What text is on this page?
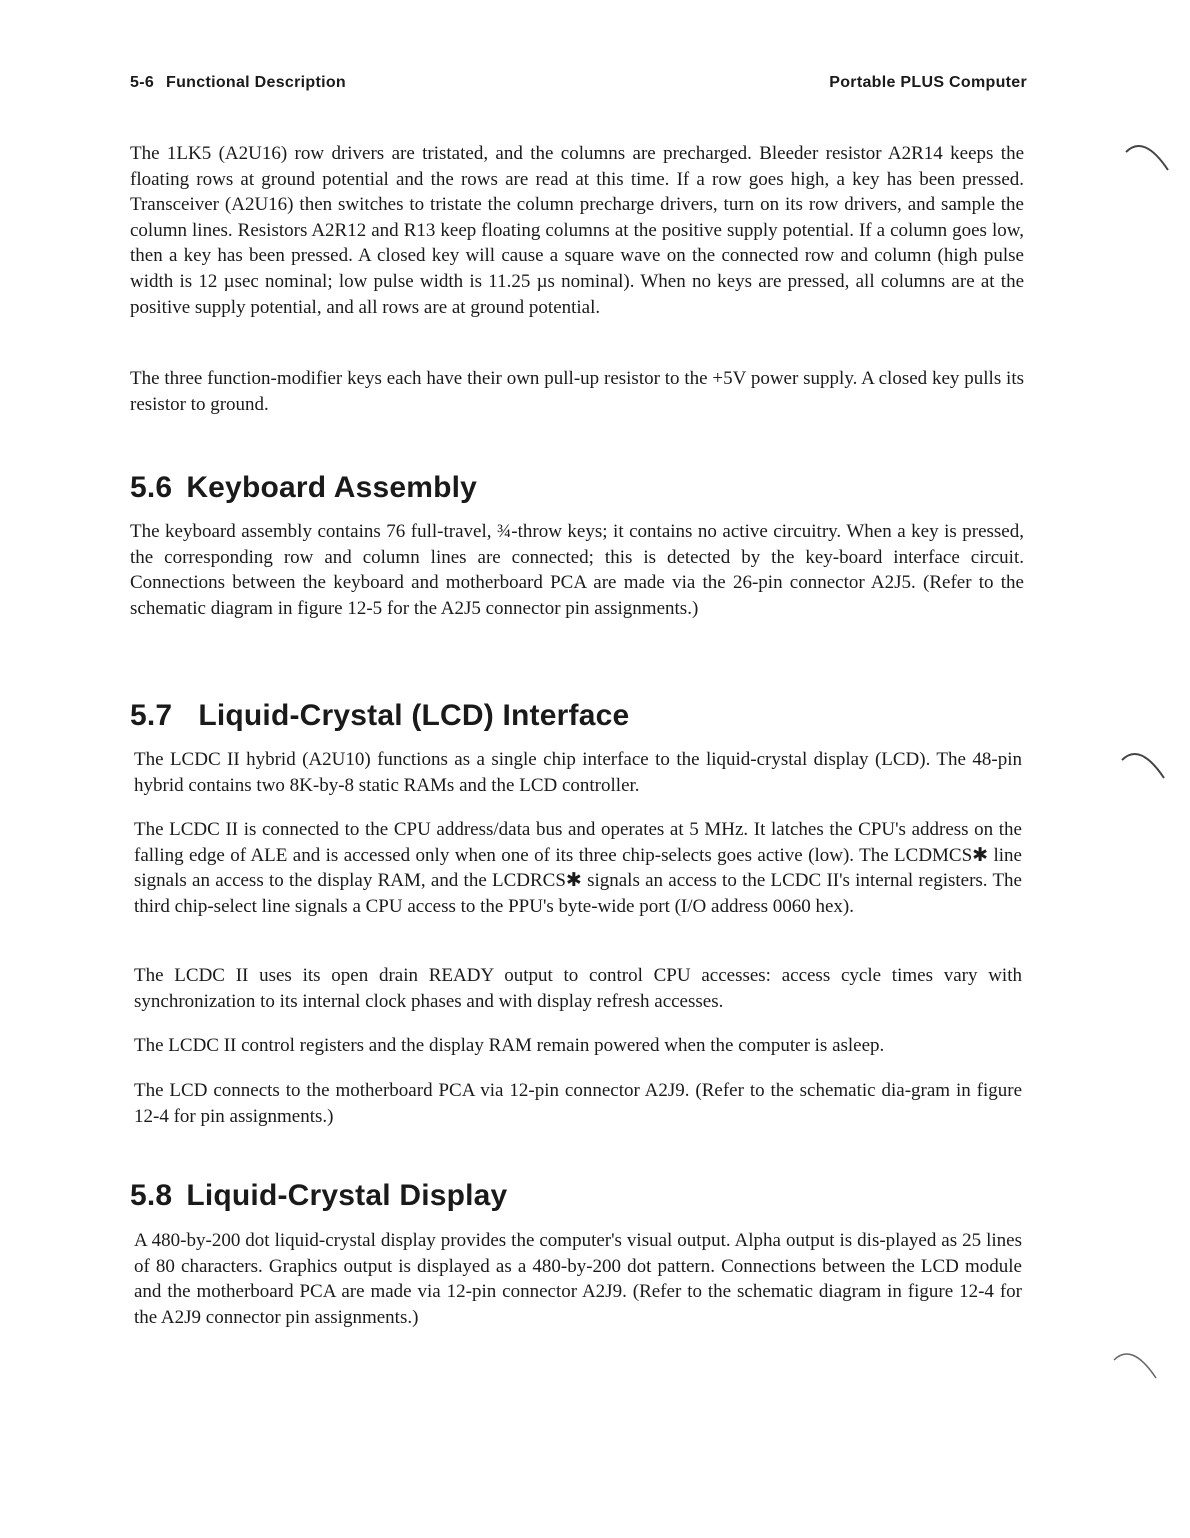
5-6 Functional Description	Portable PLUS Computer

The 1LK5 (A2U16) row drivers are tristated, and the columns are precharged. Bleeder resistor A2R14 keeps the floating rows at ground potential and the rows are read at this time. If a row goes high, a key has been pressed. Transceiver (A2U16) then switches to tristate the column precharge drivers, turn on its row drivers, and sample the column lines. Resistors A2R12 and R13 keep floating columns at the positive supply potential. If a column goes low, then a key has been pressed. A closed key will cause a square wave on the connected row and column (high pulse width is 12 µsec nominal; low pulse width is 11.25 µs nominal). When no keys are pressed, all columns are at the positive supply potential, and all rows are at ground potential.

The three function-modifier keys each have their own pull-up resistor to the +5V power supply. A closed key pulls its resistor to ground.

5.6 Keyboard Assembly

The keyboard assembly contains 76 full-travel, ¾-throw keys; it contains no active circuitry. When a key is pressed, the corresponding row and column lines are connected; this is detected by the key-board interface circuit. Connections between the keyboard and motherboard PCA are made via the 26-pin connector A2J5. (Refer to the schematic diagram in figure 12-5 for the A2J5 connector pin assignments.)

5.7 Liquid-Crystal (LCD) Interface

The LCDC II hybrid (A2U10) functions as a single chip interface to the liquid-crystal display (LCD). The 48-pin hybrid contains two 8K-by-8 static RAMs and the LCD controller.

The LCDC II is connected to the CPU address/data bus and operates at 5 MHz. It latches the CPU's address on the falling edge of ALE and is accessed only when one of its three chip-selects goes active (low). The LCDMCS✱ line signals an access to the display RAM, and the LCDRCS✱ signals an access to the LCDC II's internal registers. The third chip-select line signals a CPU access to the PPU's byte-wide port (I/O address 0060 hex).

The LCDC II uses its open drain READY output to control CPU accesses: access cycle times vary with synchronization to its internal clock phases and with display refresh accesses.

The LCDC II control registers and the display RAM remain powered when the computer is asleep.

The LCD connects to the motherboard PCA via 12-pin connector A2J9. (Refer to the schematic dia-gram in figure 12-4 for pin assignments.)

5.8 Liquid-Crystal Display

A 480-by-200 dot liquid-crystal display provides the computer's visual output. Alpha output is dis-played as 25 lines of 80 characters. Graphics output is displayed as a 480-by-200 dot pattern. Connections between the LCD module and the motherboard PCA are made via 12-pin connector A2J9. (Refer to the schematic diagram in figure 12-4 for the A2J9 connector pin assignments.)
